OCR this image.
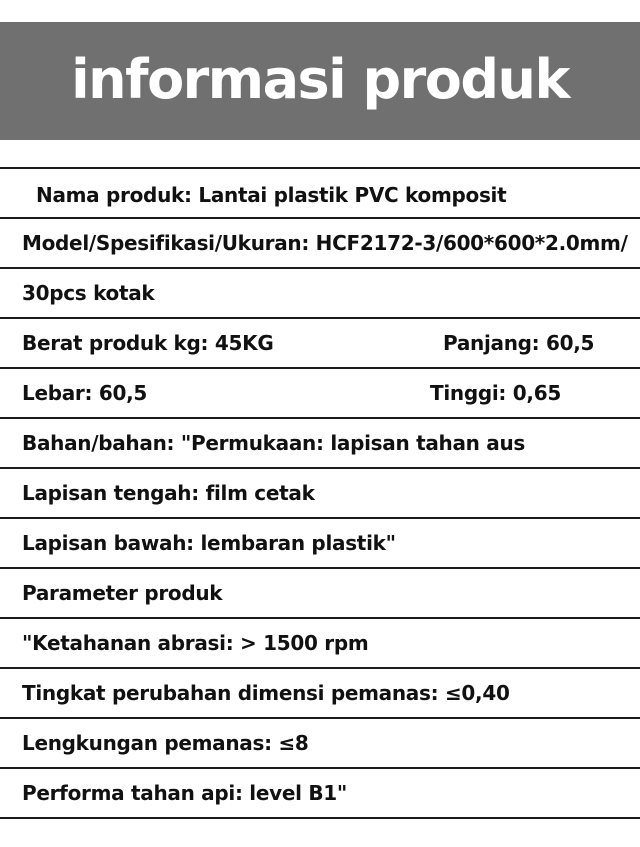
informasi produk
Nama produk: Lantai plastik PVC komposit
Model/Spesifikasi/Ukuran: HCF2172-3/600*600*2.0mm/
30pcs kotak
Berat produk kg: 45KG	Panjang: 60,5
Lebar: 60,5	Tinggi: 0,65
Bahan/bahan: "Permukaan: lapisan tahan aus
Lapisan tengah: film cetak
Lapisan bawah: lembaran plastik"
Parameter produk
"Ketahanan abrasi: > 1500 rpm
Tingkat perubahan dimensi pemanas: ≤0,40
Lengkungan pemanas: ≤8
Performa tahan api: level B1"
